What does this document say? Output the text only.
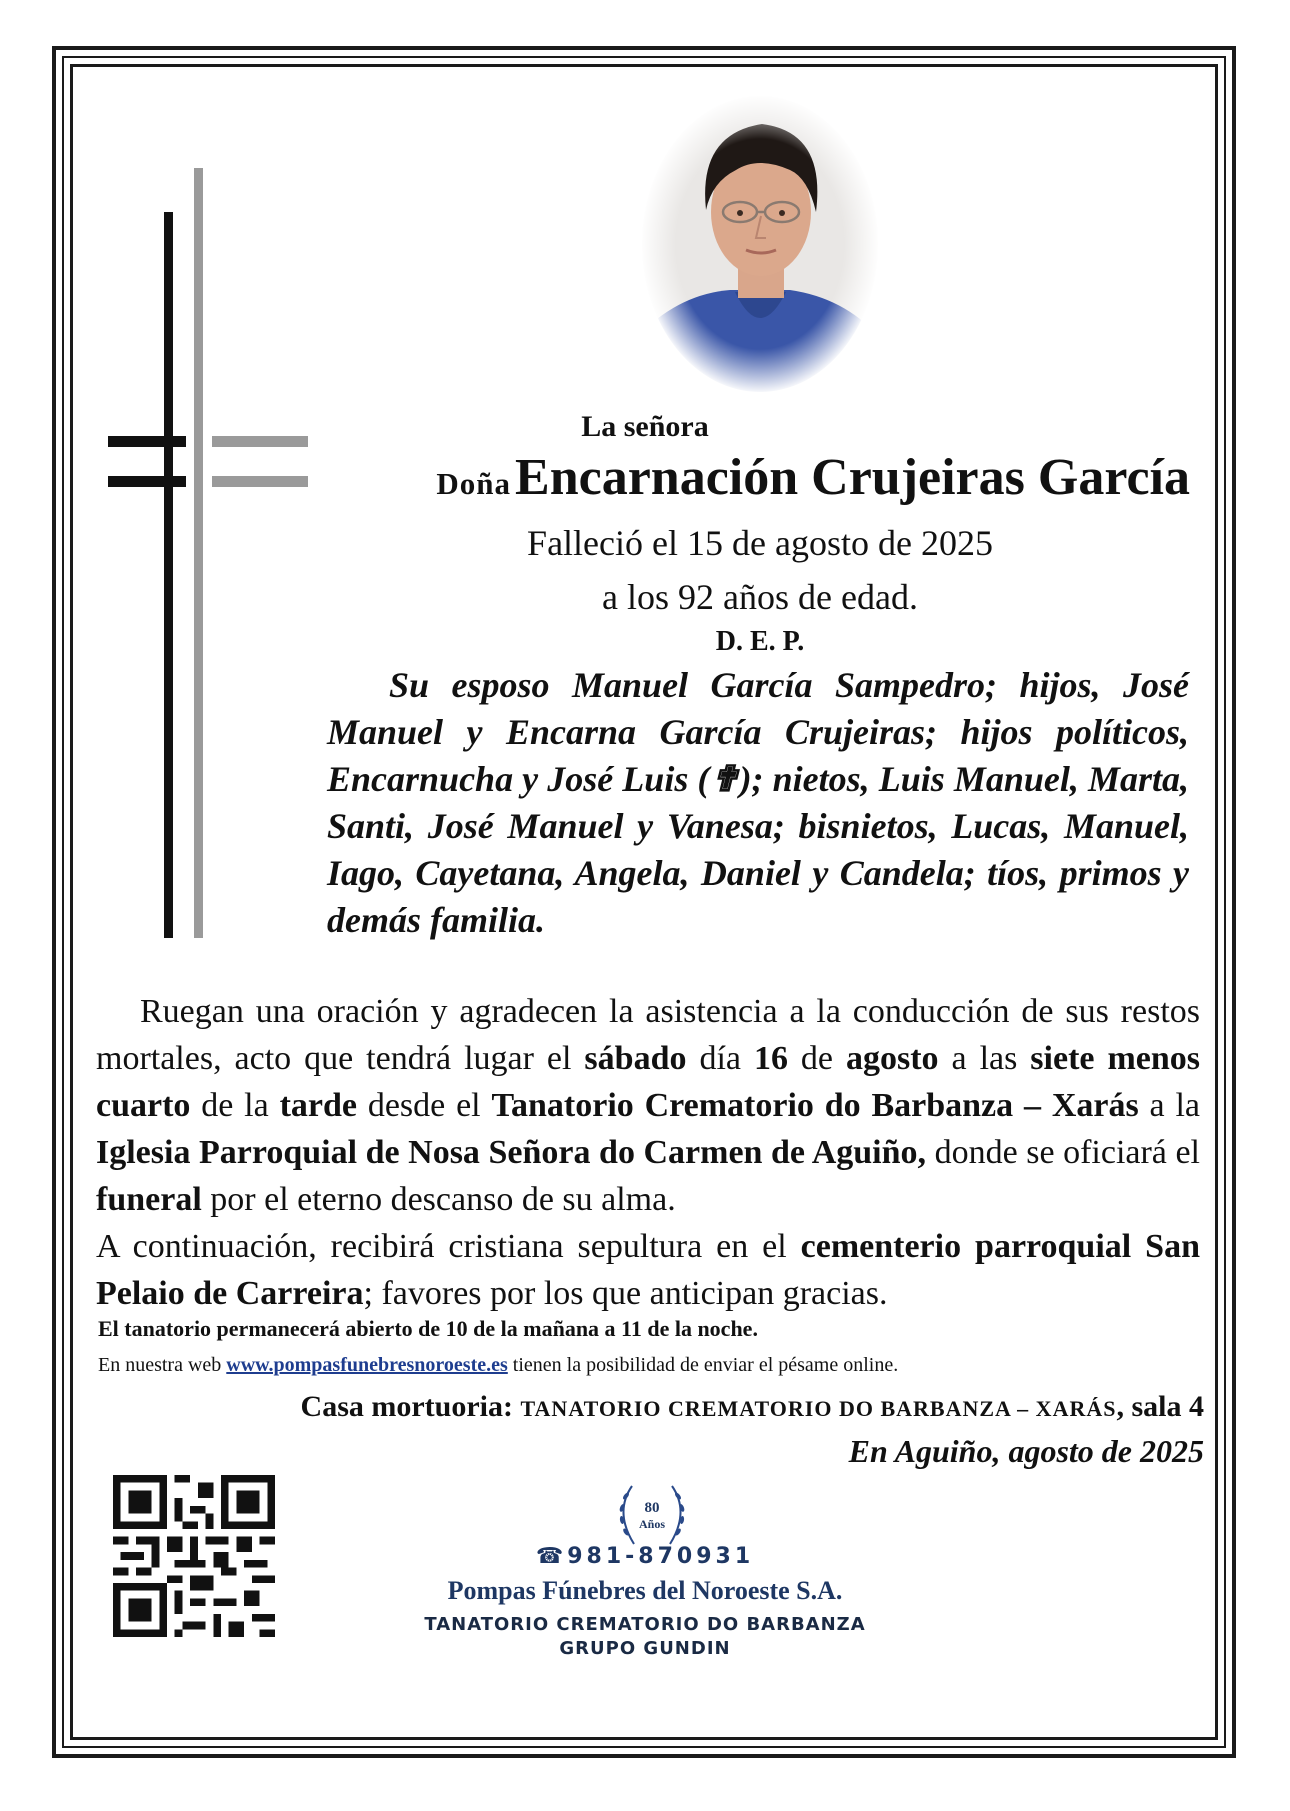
La señora
Doña Encarnación Crujeiras García
Falleció el 15 de agosto de 2025
a los 92 años de edad.
D. E. P.

Su esposo Manuel García Sampedro; hijos, José Manuel y Encarna García Crujeiras; hijos políticos, Encarnucha y José Luis (✟); nietos, Luis Manuel, Marta, Santi, José Manuel y Vanesa; bisnietos, Lucas, Manuel, Iago, Cayetana, Angela, Daniel y Candela; tíos, primos y demás familia.

Ruegan una oración y agradecen la asistencia a la conducción de sus restos mortales, acto que tendrá lugar el sábado día 16 de agosto a las siete menos cuarto de la tarde desde el Tanatorio Crematorio do Barbanza – Xarás a la Iglesia Parroquial de Nosa Señora do Carmen de Aguiño, donde se oficiará el funeral por el eterno descanso de su alma.

A continuación, recibirá cristiana sepultura en el cementerio parroquial San Pelaio de Carreira; favores por los que anticipan gracias.

El tanatorio permanecerá abierto de 10 de la mañana a 11 de la noche.
En nuestra web www.pompasfunebresnoroeste.es tienen la posibilidad de enviar el pésame online.
Casa mortuoria: TANATORIO CREMATORIO DO BARBANZA – XARÁS, sala 4
En Aguiño, agosto de 2025
80
Años
☎981-870931
Pompas Fúnebres del Noroeste S.A.
TANATORIO CREMATORIO DO BARBANZA
GRUPO GUNDIN
